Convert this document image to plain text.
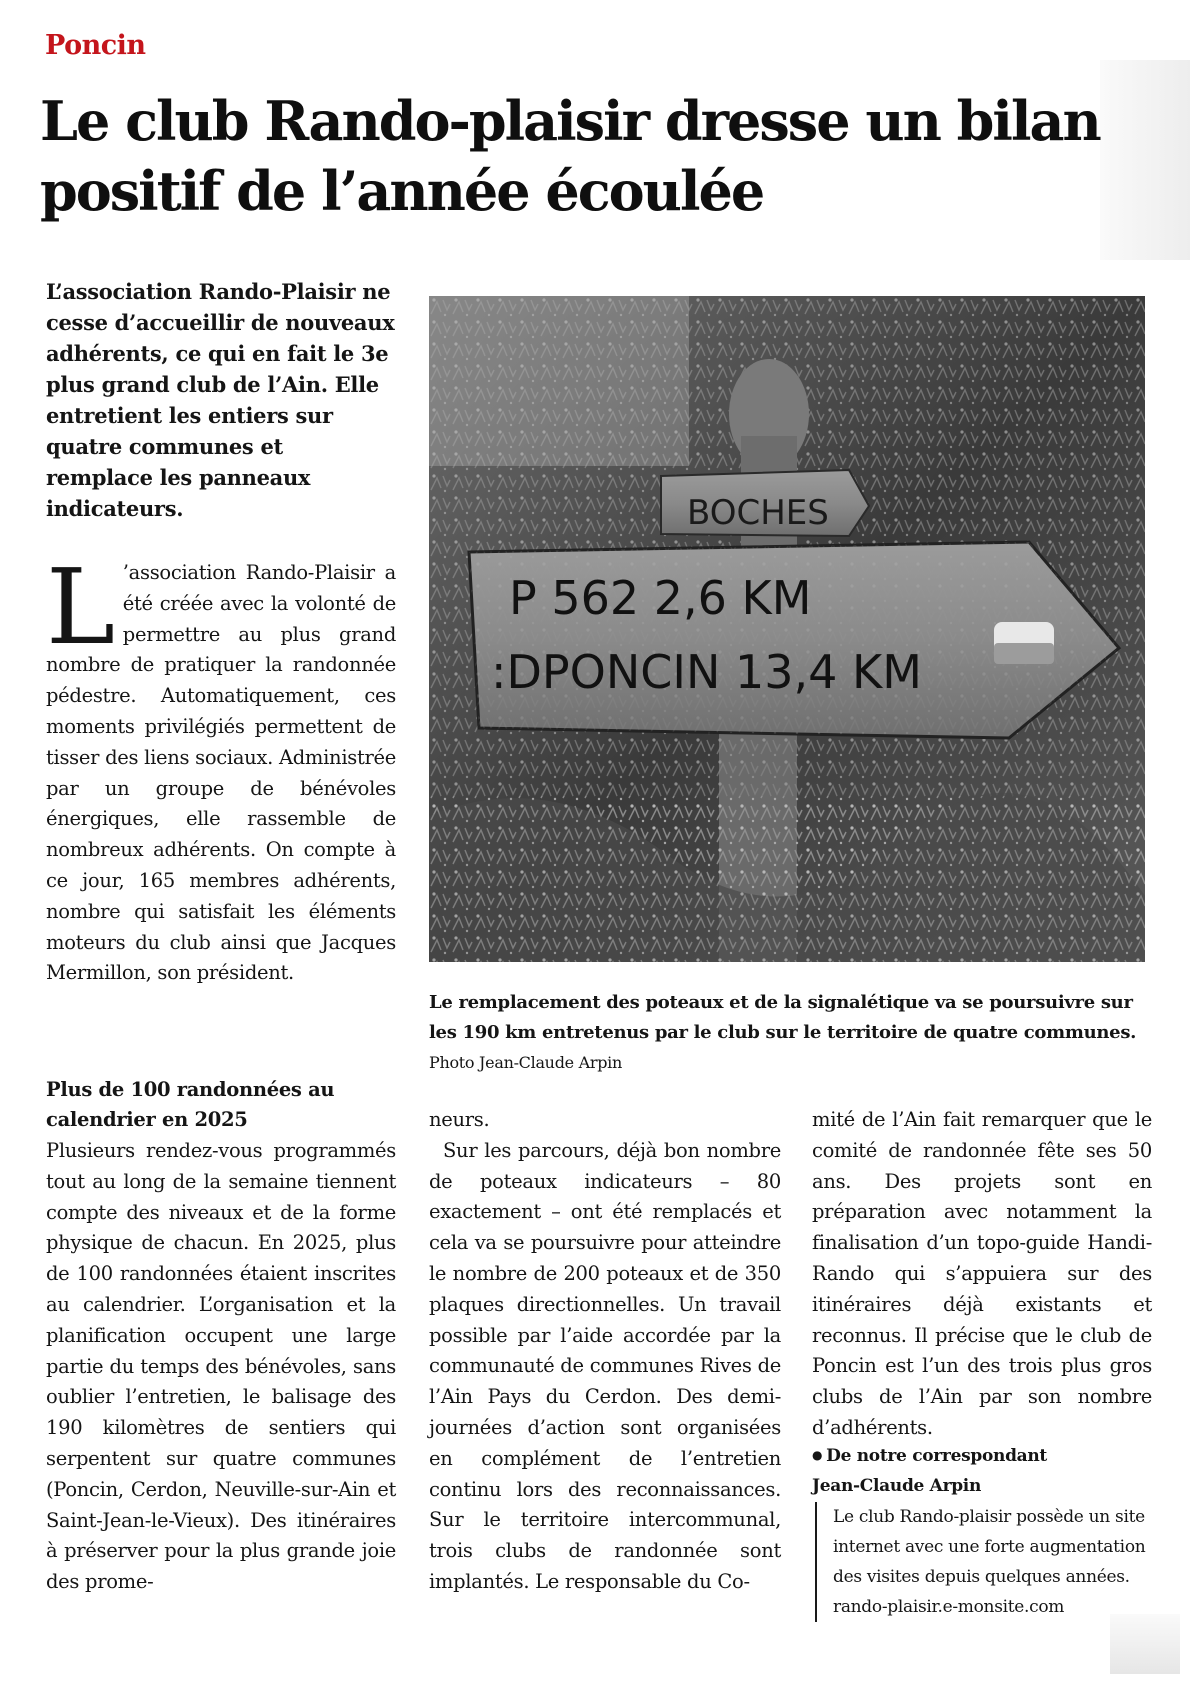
Poncin
Le club Rando-plaisir dresse un bilan positif de l’année écoulée

L’association Rando-Plaisir ne cesse d’accueillir de nouveaux adhérents, ce qui en fait le 3e plus grand club de l’Ain. Elle entretient les entiers sur quatre communes et remplace les panneaux indicateurs.	BOCHES
P 562 2,6 KM
:DPONCIN 13,4 KM

Le remplacement des poteaux et de la signalétique va se poursuivre sur les 190 km entretenus par le club sur le territoire de quatre communes. Photo Jean-Claude Arpin

L ’association Rando-Plaisir a été créée avec la volonté de permettre au plus grand nombre de pratiquer la randonnée pédestre. Automatiquement, ces moments privilégiés permettent de tisser des liens sociaux. Administrée par un groupe de bénévoles énergiques, elle rassemble de nombreux adhérents. On compte à ce jour, 165 membres adhérents, nombre qui satisfait les éléments moteurs du club ainsi que Jacques Mermillon, son président.

Plus de 100 randonnées au calendrier en 2025

Plusieurs rendez-vous programmés tout au long de la semaine tiennent compte des niveaux et de la forme physique de chacun. En 2025, plus de 100 randonnées étaient inscrites au calendrier. L’organisation et la planification occupent une large partie du temps des bénévoles, sans oublier l’entretien, le balisage des 190 kilomètres de sentiers qui serpentent sur quatre communes (Poncin, Cerdon, Neuville-sur-Ain et Saint-Jean-le-Vieux). Des itinéraires à préserver pour la plus grande joie des prome-

neurs.
Sur les parcours, déjà bon nombre de poteaux indicateurs – 80 exactement – ont été remplacés et cela va se poursuivre pour atteindre le nombre de 200 poteaux et de 350 plaques directionnelles. Un travail possible par l’aide accordée par la communauté de communes Rives de l’Ain Pays du Cerdon. Des demi-journées d’action sont organisées en complément de l’entretien continu lors des reconnaissances. Sur le territoire intercommunal, trois clubs de randonnée sont implantés. Le responsable du Co-

mité de l’Ain fait remarquer que le comité de randonnée fête ses 50 ans. Des projets sont en préparation avec notamment la finalisation d’un topo-guide Handi-Rando qui s’appuiera sur des itinéraires déjà existants et reconnus. Il précise que le club de Poncin est l’un des trois plus gros clubs de l’Ain par son nombre d’adhérents.

● De notre correspondant
Jean-Claude Arpin
Le club Rando-plaisir possède un site internet avec une forte augmentation des visites depuis quelques années. rando-plaisir.e-monsite.com
